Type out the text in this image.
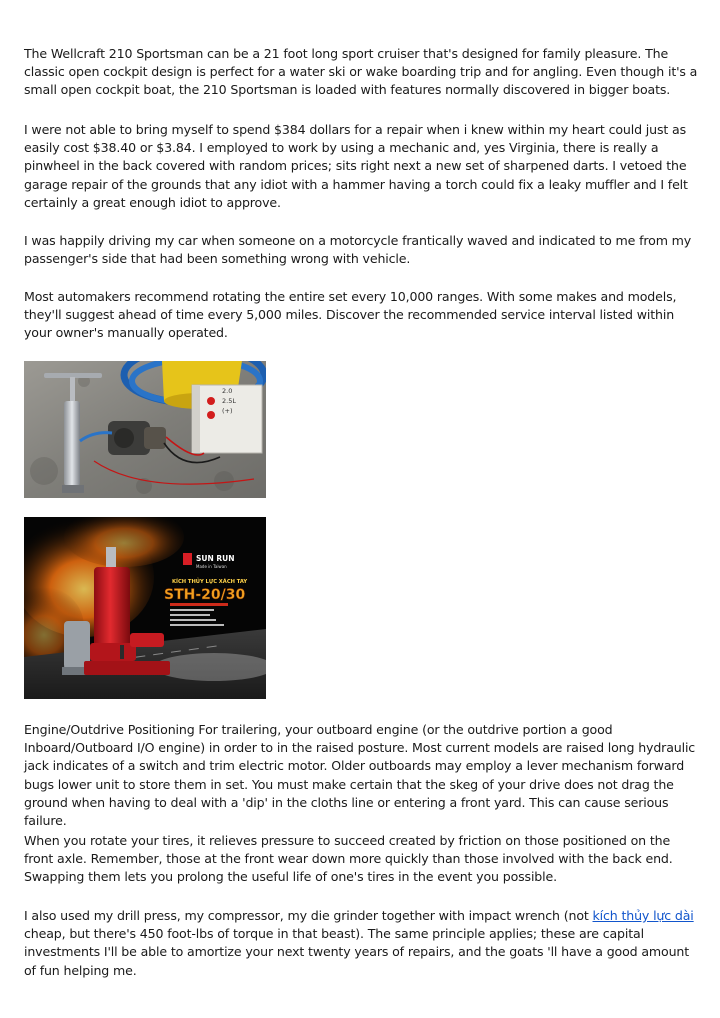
The Wellcraft 210 Sportsman can be a 21 foot long sport cruiser that's designed for family pleasure. The classic open cockpit design is perfect for a water ski or wake boarding trip and for angling. Even though it's a small open cockpit boat, the 210 Sportsman is loaded with features normally discovered in bigger boats.

I were not able to bring myself to spend $384 dollars for a repair when i knew within my heart could just as easily cost $38.40 or $3.84. I employed to work by using a mechanic and, yes Virginia, there is really a pinwheel in the back covered with random prices; sits right next a new set of sharpened darts. I vetoed the garage repair of the grounds that any idiot with a hammer having a torch could fix a leaky muffler and I felt certainly a great enough idiot to approve.

I was happily driving my car when someone on a motorcycle frantically waved and indicated to me from my passenger's side that had been something wrong with vehicle.

Most automakers recommend rotating the entire set every 10,000 ranges. With some makes and models, they'll suggest ahead of time every 5,000 miles. Discover the recommended service interval listed within your owner's manually operated.

2.0
2.5L
(+)
SUN RUN
Made in Taiwan
KÍCH THỦY LỰC XÁCH TAY
STH-20/30

Engine/Outdrive Positioning For trailering, your outboard engine (or the outdrive portion a good Inboard/Outboard I/O engine) in order to in the raised posture. Most current models are raised long hydraulic jack indicates of a switch and trim electric motor. Older outboards may employ a lever mechanism forward bugs lower unit to store them in set. You must make certain that the skeg of your drive does not drag the ground when having to deal with a 'dip' in the cloths line or entering a front yard. This can cause serious failure.

When you rotate your tires, it relieves pressure to succeed created by friction on those positioned on the front axle. Remember, those at the front wear down more quickly than those involved with the back end. Swapping them lets you prolong the useful life of one's tires in the event you possible.

I also used my drill press, my compressor, my die grinder together with impact wrench (not kích thủy lực dài cheap, but there's 450 foot-lbs of torque in that beast). The same principle applies; these are capital investments I'll be able to amortize your next twenty years of repairs, and the goats 'll have a good amount of fun helping me.
